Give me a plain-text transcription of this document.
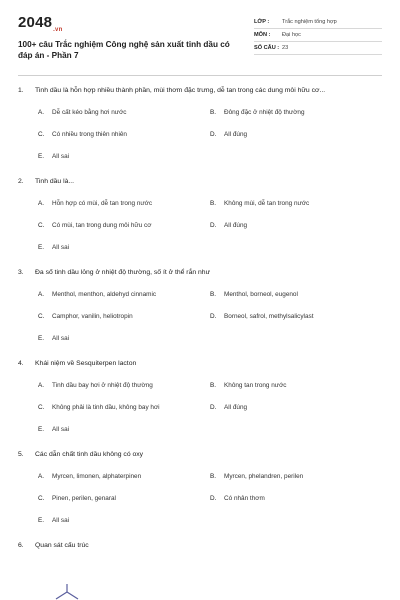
$2048_{.vn}$
100+ câu Trắc nghiệm Công nghệ sản xuất tinh dầu có đáp án - Phần 7
LỚP :	Trắc nghiệm tổng hợp
MÔN :	Đại học
SỐ CÂU : 23
1.	Tinh dầu là hỗn hợp nhiều thành phần, mùi thơm đặc trưng, dễ tan trong các dung môi hữu cơ...
A.	Dễ cất kéo bằng hơi nước	B.	Đông đặc ở nhiệt độ thường
C.	Có nhiều trong thiên nhiên	D.	All đúng
E.	All sai
2.	Tinh dầu là...
A.	Hỗn hợp có mùi, dễ tan trong nước	B.	Không mùi, dễ tan trong nước
C.	Có mùi, tan trong dung môi hữu cơ	D.	All đúng
E.	All sai
3.	Đa số tinh dầu lỏng ở nhiệt độ thường, số ít ở thể rắn như
A.	Menthol, menthon, aldehyd cinnamic	B.	Menthol, borneol, eugenol
C.	Camphor, vanilin, heliotropin	D.	Borneol, safrol, methylsalicylast
E.	All sai
4.	Khái niệm về Sesquiterpen lacton
A.	Tinh dầu bay hơi ở nhiệt độ thường	B.	Không tan trong nước
C.	Không phải là tinh dầu, không bay hơi	D.	All đúng
E.	All sai
5.	Các dẫn chất tinh dầu không có oxy
A.	Myrcen, limonen, alphaterpinen	B.	Myrcen, phelandren, perilen
C.	Pinen, perilen, genaral	D.	Có nhân thơm
E.	All sai
6.	Quan sát cấu trúc
